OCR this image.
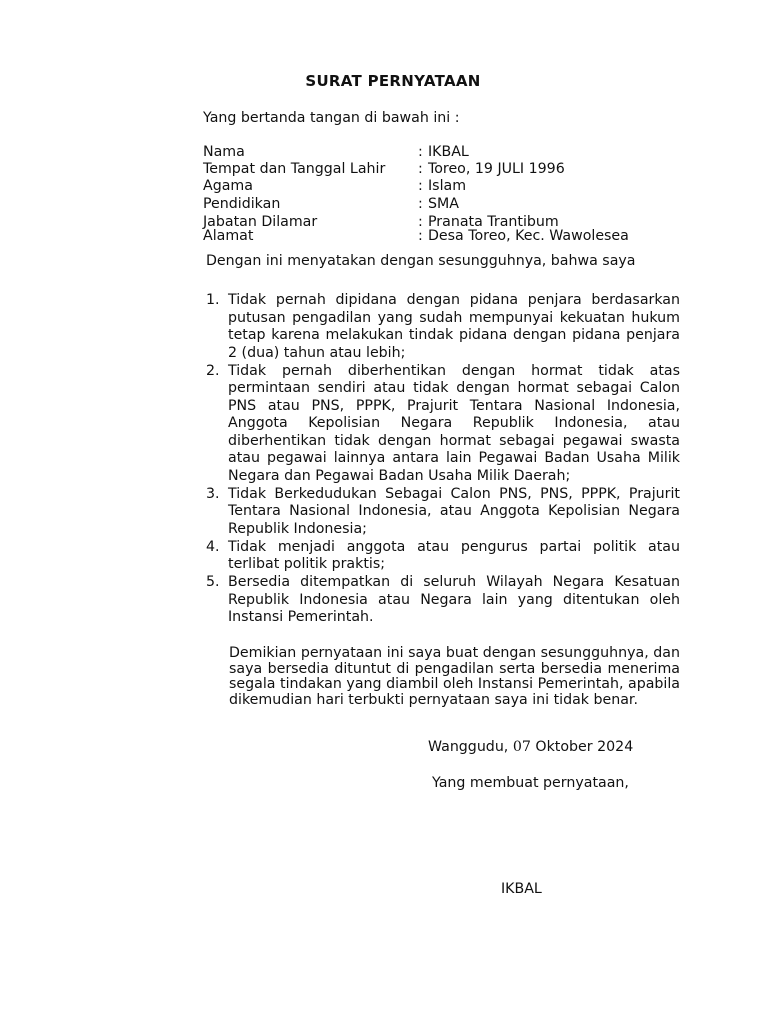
SURAT PERNYATAAN
Yang bertanda tangan di bawah ini :
Nama	: IKBAL
Tempat dan Tanggal Lahir : Toreo, 19 JULI 1996
Agama	: Islam
Pendidikan	: SMA
Jabatan Dilamar	: Pranata Trantibum
Alamat	: Desa Toreo, Kec. Wawolesea
Dengan ini menyatakan dengan sesungguhnya, bahwa saya
1. Tidak pernah dipidana dengan pidana penjara berdasarkan putusan pengadilan yang sudah mempunyai kekuatan hukum tetap karena melakukan tindak pidana dengan pidana penjara 2 (dua) tahun atau lebih;
2. Tidak pernah diberhentikan dengan hormat tidak atas permintaan sendiri atau tidak dengan hormat sebagai Calon PNS atau PNS, PPPK, Prajurit Tentara Nasional Indonesia, Anggota Kepolisian Negara Republik Indonesia, atau diberhentikan tidak dengan hormat sebagai pegawai swasta atau pegawai lainnya antara lain Pegawai Badan Usaha Milik Negara dan Pegawai Badan Usaha Milik Daerah;
3. Tidak Berkedudukan Sebagai Calon PNS, PNS, PPPK, Prajurit Tentara Nasional Indonesia, atau Anggota Kepolisian Negara Republik Indonesia;
4. Tidak menjadi anggota atau pengurus partai politik atau terlibat politik praktis;
5. Bersedia ditempatkan di seluruh Wilayah Negara Kesatuan Republik Indonesia atau Negara lain yang ditentukan oleh Instansi Pemerintah.
Demikian pernyataan ini saya buat dengan sesungguhnya, dan saya bersedia dituntut di pengadilan serta bersedia menerima segala tindakan yang diambil oleh Instansi Pemerintah, apabila dikemudian hari terbukti pernyataan saya ini tidak benar.
Wanggudu, 07 Oktober 2024
Yang membuat pernyataan,
IKBAL
